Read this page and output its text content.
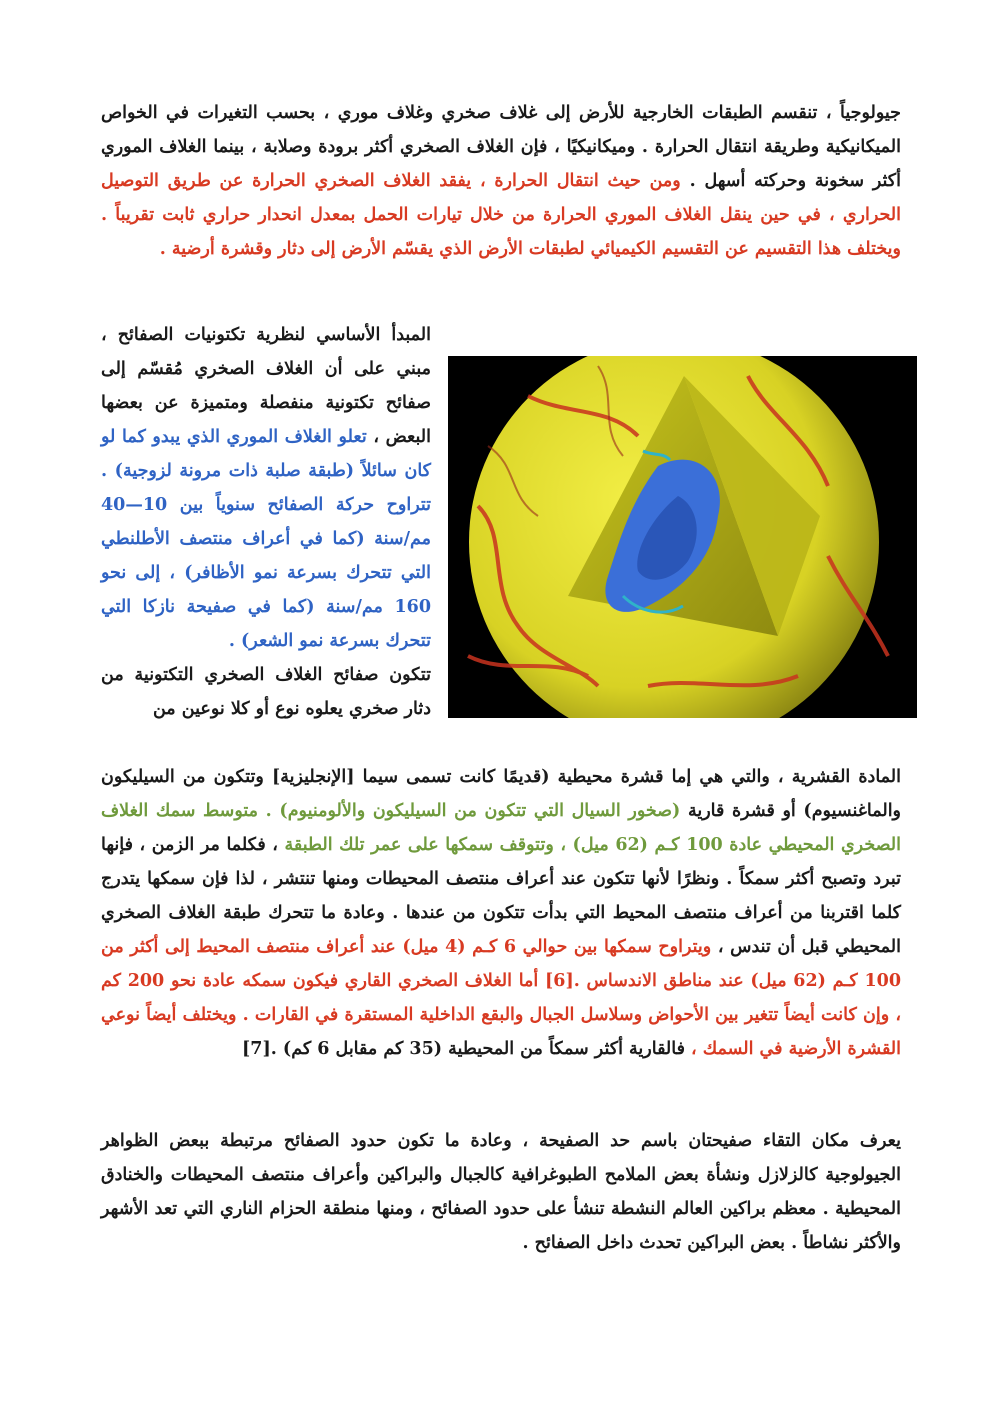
جيولوجياً ، تنقسم الطبقات الخارجية للأرض إلى غلاف صخري وغلاف موري ، بحسب التغيرات في الخواص الميكانيكية وطريقة انتقال الحرارة . وميكانيكيًا ، فإن الغلاف الصخري أكثر برودة وصلابة ، بينما الغلاف الموري أكثر سخونة وحركته أسهل . ومن حيث انتقال الحرارة ، يفقد الغلاف الصخري الحرارة عن طريق التوصيل الحراري ، في حين ينقل الغلاف الموري الحرارة من خلال تيارات الحمل بمعدل انحدار حراري ثابت تقريباً . ويختلف هذا التقسيم عن التقسيم الكيميائي لطبقات الأرض الذي يقسّم الأرض إلى دثار وقشرة أرضية .

المبدأ الأساسي لنظرية تكتونيات الصفائح ، مبني على أن الغلاف الصخري مُقسّم إلى صفائح تكتونية منفصلة ومتميزة عن بعضها البعض ، تعلو الغلاف الموري الذي يبدو كما لو كان سائلاً (طبقة صلبة ذات مرونة لزوجية) . تتراوح حركة الصفائح سنوياً بين 10—40 مم/سنة (كما في أعراف منتصف الأطلنطي التي تتحرك بسرعة نمو الأظافر) ، إلى نحو 160 مم/سنة (كما في صفيحة نازكا التي تتحرك بسرعة نمو الشعر) .
تتكون صفائح الغلاف الصخري التكتونية من دثار صخري يعلوه نوع أو كلا نوعين من

المادة القشرية ، والتي هي إما قشرة محيطية (قديمًا كانت تسمى سيما [الإنجليزية] وتتكون من السيليكون والماغنسيوم) أو قشرة قارية (صخور السيال التي تتكون من السيليكون والألومنيوم) . متوسط سمك الغلاف الصخري المحيطي عادة 100 كـم (62 ميل) ، وتتوقف سمكها على عمر تلك الطبقة ، فكلما مر الزمن ، فإنها تبرد وتصبح أكثر سمكاً . ونظرًا لأنها تتكون عند أعراف منتصف المحيطات ومنها تنتشر ، لذا فإن سمكها يتدرج كلما اقتربنا من أعراف منتصف المحيط التي بدأت تتكون من عندها . وعادة ما تتحرك طبقة الغلاف الصخري المحيطي قبل أن تندس ، ويتراوح سمكها بين حوالي 6 كـم (4 ميل) عند أعراف منتصف المحيط إلى أكثر من 100 كـم (62 ميل) عند مناطق الاندساس .[6] أما الغلاف الصخري القاري فيكون سمكه عادة نحو 200 كم ، وإن كانت أيضاً تتغير بين الأحواض وسلاسل الجبال والبقع الداخلية المستقرة في القارات . ويختلف أيضاً نوعي القشرة الأرضية في السمك ، فالقارية أكثر سمكاً من المحيطية (35 كم مقابل 6 كم) .[7]

يعرف مكان التقاء صفيحتان باسم حد الصفيحة ، وعادة ما تكون حدود الصفائح مرتبطة ببعض الظواهر الجيولوجية كالزلازل ونشأة بعض الملامح الطبوغرافية كالجبال والبراكين وأعراف منتصف المحيطات والخنادق المحيطية . معظم براكين العالم النشطة تنشأ على حدود الصفائح ، ومنها منطقة الحزام الناري التي تعد الأشهر والأكثر نشاطاً . بعض البراكين تحدث داخل الصفائح .
